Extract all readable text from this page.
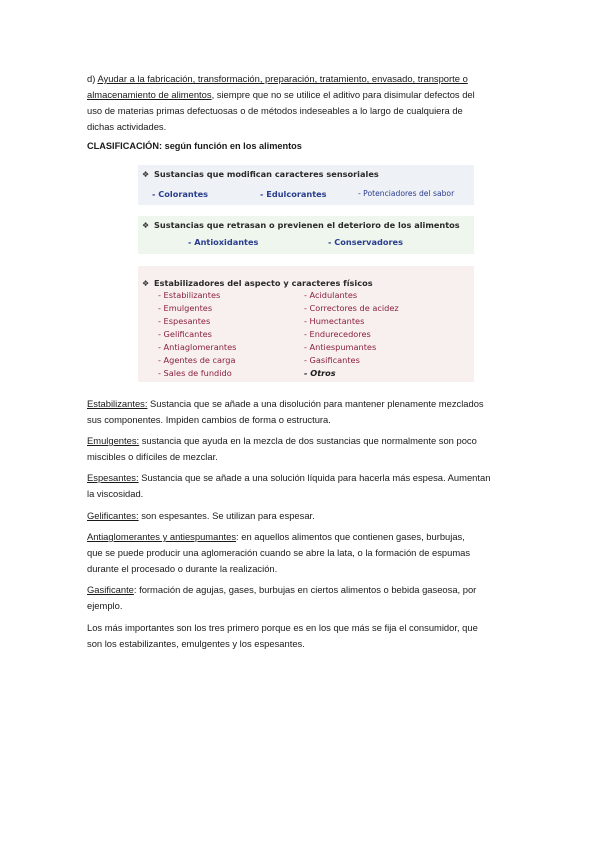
d) Ayudar a la fabricación, transformación, preparación, tratamiento, envasado, transporte o
almacenamiento de alimentos, siempre que no se utilice el aditivo para disimular defectos del
uso de materias primas defectuosas o de métodos indeseables a lo largo de cualquiera de
dichas actividades.
CLASIFICACIÓN: según función en los alimentos
❖ Sustancias que modifican caracteres sensoriales
- Colorantes	- Edulcorantes	- Potenciadores del sabor
❖ Sustancias que retrasan o previenen el deterioro de los alimentos
- Antioxidantes	- Conservadores
❖ Estabilizadores del aspecto y caracteres físicos
- Estabilizantes
- Emulgentes
- Espesantes
- Gelificantes
- Antiaglomerantes
- Agentes de carga
- Sales de fundido
- Acidulantes
- Correctores de acidez
- Humectantes
- Endurecedores
- Antiespumantes
- Gasificantes
- Otros
Estabilizantes: Sustancia que se añade a una disolución para mantener plenamente mezclados
sus componentes. Impiden cambios de forma o estructura.
Emulgentes: sustancia que ayuda en la mezcla de dos sustancias que normalmente son poco
miscibles o difíciles de mezclar.
Espesantes: Sustancia que se añade a una solución líquida para hacerla más espesa. Aumentan
la viscosidad.
Gelificantes: son espesantes. Se utilizan para espesar.
Antiaglomerantes y antiespumantes: en aquellos alimentos que contienen gases, burbujas,
que se puede producir una aglomeración cuando se abre la lata, o la formación de espumas
durante el procesado o durante la realización.
Gasificante: formación de agujas, gases, burbujas en ciertos alimentos o bebida gaseosa, por
ejemplo.
Los más importantes son los tres primero porque es en los que más se fija el consumidor, que
son los estabilizantes, emulgentes y los espesantes.
